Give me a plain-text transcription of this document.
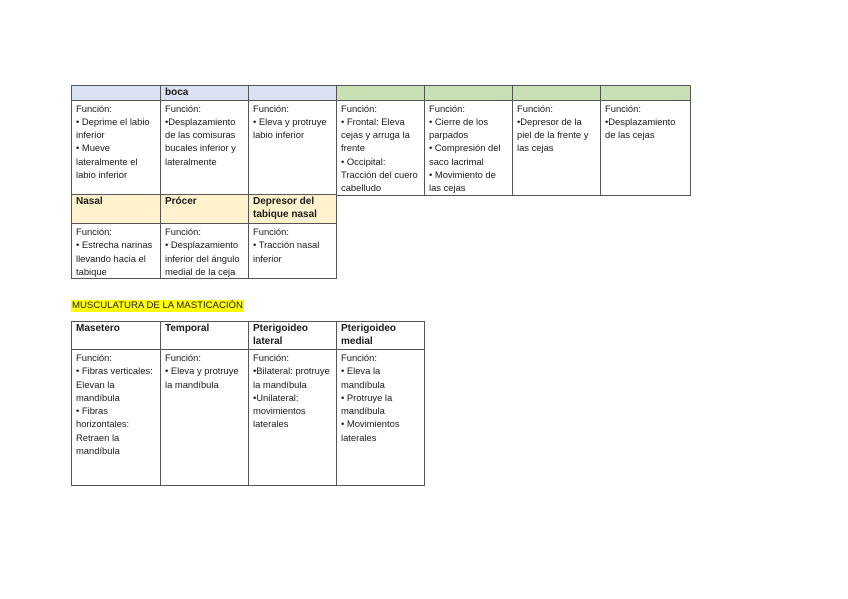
	boca					

Función:
• Deprime el labio inferior
• Mueve lateralmente el labio inferior	Función:
•Desplazamiento de las comisuras bucales inferior y lateralmente	Función:
• Eleva y protruye labio inferior	Función:
• Frontal: Eleva cejas y arruga la frente
• Occipital: Tracción del cuero cabelludo	Función:
• Cierre de los parpados
• Compresión del saco lacrimal
• Movimiento de las cejas	Función:
•Depresor de la piel de la frente y las cejas	Función:
•Desplazamiento de las cejas
Nasal	Prócer	Depresor del tabique nasal

Función:
• Estrecha narinas llevando hacia el tabique	Función:
• Desplazamiento inferior del ángulo medial de la ceja	Función:
• Tracción nasal inferior
MUSCULATURA DE LA MASTICACIÓN
Masetero	Temporal	Pterigoideo lateral	Pterigoideo medial

Función:
• Fibras verticales: Elevan la mandíbula
• Fibras horizontales: Retraen la mandíbula	Función:
• Eleva y protruye la mandíbula	Función:
•Bilateral: protruye la mandíbula
•Unilateral: movimientos laterales	Función:
• Eleva la mandíbula
• Protruye la mandíbula
• Movimientos laterales
